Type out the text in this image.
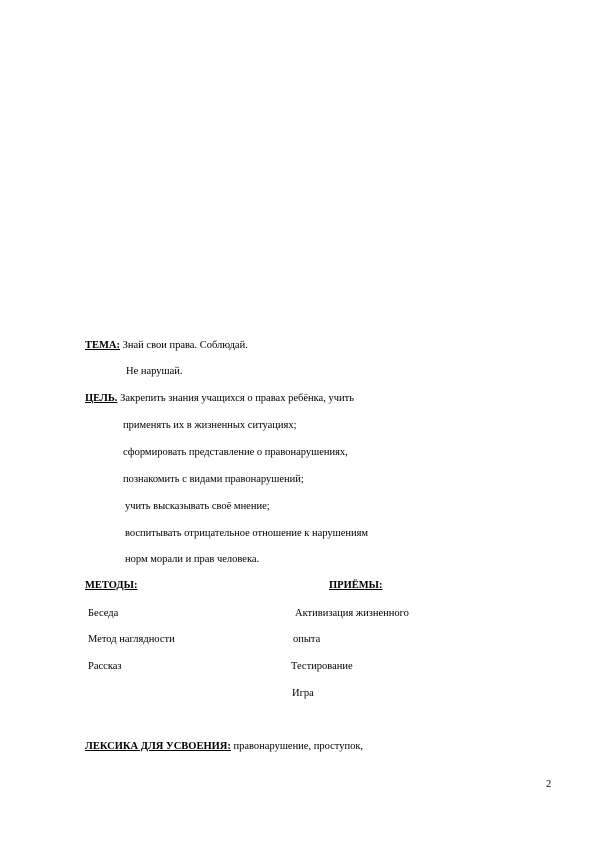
ТЕМА: Знай свои права. Соблюдай.
Не нарушай.
ЦЕЛЬ. Закрепить знания учащихся о правах ребёнка, учить
применять их в жизненных ситуациях;
сформировать представление о правонарушениях,
познакомить с видами правонарушений;
учить высказывать своё мнение;
воспитывать отрицательное отношение к нарушениям
норм морали и прав человека.
МЕТОДЫ:	ПРИЁМЫ:
Беседа
Метод наглядности
Рассказ
Активизация жизненного
опыта
Тестирование
Игра
ЛЕКСИКА ДЛЯ УСВОЕНИЯ: правонарушение, проступок,
2
